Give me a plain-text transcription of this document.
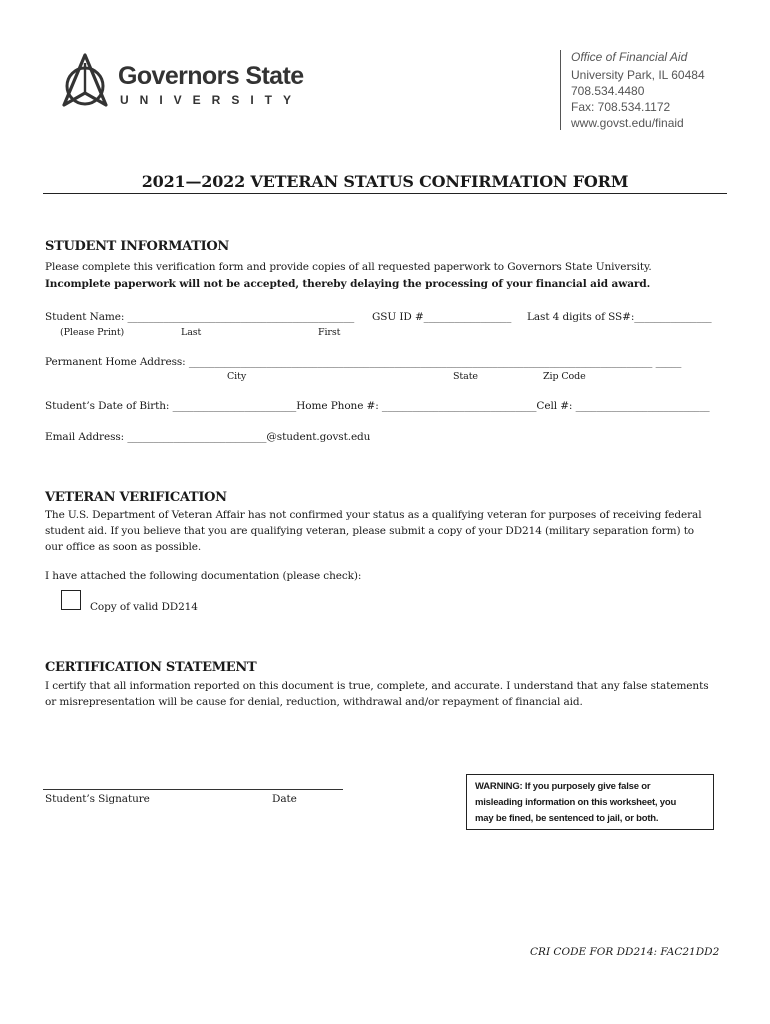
Governors State
UNIVERSITY
Office of Financial Aid
University Park, IL 60484
708.534.4480
Fax: 708.534.1172
www.govst.edu/finaid
2021—2022 VETERAN STATUS CONFIRMATION FORM
STUDENT INFORMATION
Please complete this verification form and provide copies of all requested paperwork to Governors State University.
Incomplete paperwork will not be accepted, thereby delaying the processing of your financial aid award.
Student Name: ____________________________________________ GSU ID #_________________ Last 4 digits of SS#:_______________
(Please Print)	Last	First
Permanent Home Address: __________________________________________________________________________________________ _____
City	State	Zip Code
Student’s Date of Birth: ________________________Home Phone #: ______________________________Cell #: __________________________
Email Address: ___________________________@student.govst.edu
VETERAN VERIFICATION
The U.S. Department of Veteran Affair has not confirmed your status as a qualifying veteran for purposes of receiving federal
student aid. If you believe that you are qualifying veteran, please submit a copy of your DD214 (military separation form) to
our office as soon as possible.
I have attached the following documentation (please check):
Copy of valid DD214
CERTIFICATION STATEMENT
I certify that all information reported on this document is true, complete, and accurate. I understand that any false statements
or misrepresentation will be cause for denial, reduction, withdrawal and/or repayment of financial aid.
Student’s Signature	Date
WARNING: If you purposely give false or
misleading information on this worksheet, you
may be fined, be sentenced to jail, or both.
CRI CODE FOR DD214: FAC21DD2
